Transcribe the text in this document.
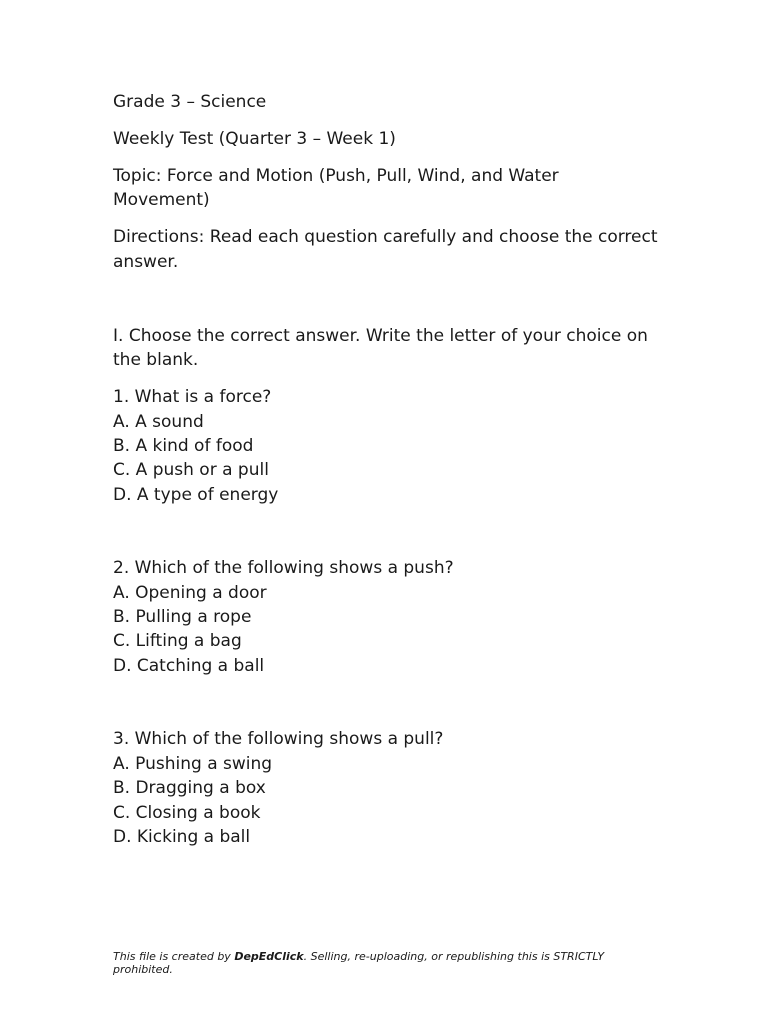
Grade 3 – Science

Weekly Test (Quarter 3 – Week 1)

Topic: Force and Motion (Push, Pull, Wind, and Water Movement)

Directions: Read each question carefully and choose the correct answer.

I. Choose the correct answer. Write the letter of your choice on the blank.

1. What is a force?
A. A sound
B. A kind of food
C. A push or a pull
D. A type of energy
2. Which of the following shows a push?
A. Opening a door
B. Pulling a rope
C. Lifting a bag
D. Catching a ball
3. Which of the following shows a pull?
A. Pushing a swing
B. Dragging a box
C. Closing a book
D. Kicking a ball
This file is created by DepEdClick. Selling, re-uploading, or republishing this is STRICTLY prohibited.
